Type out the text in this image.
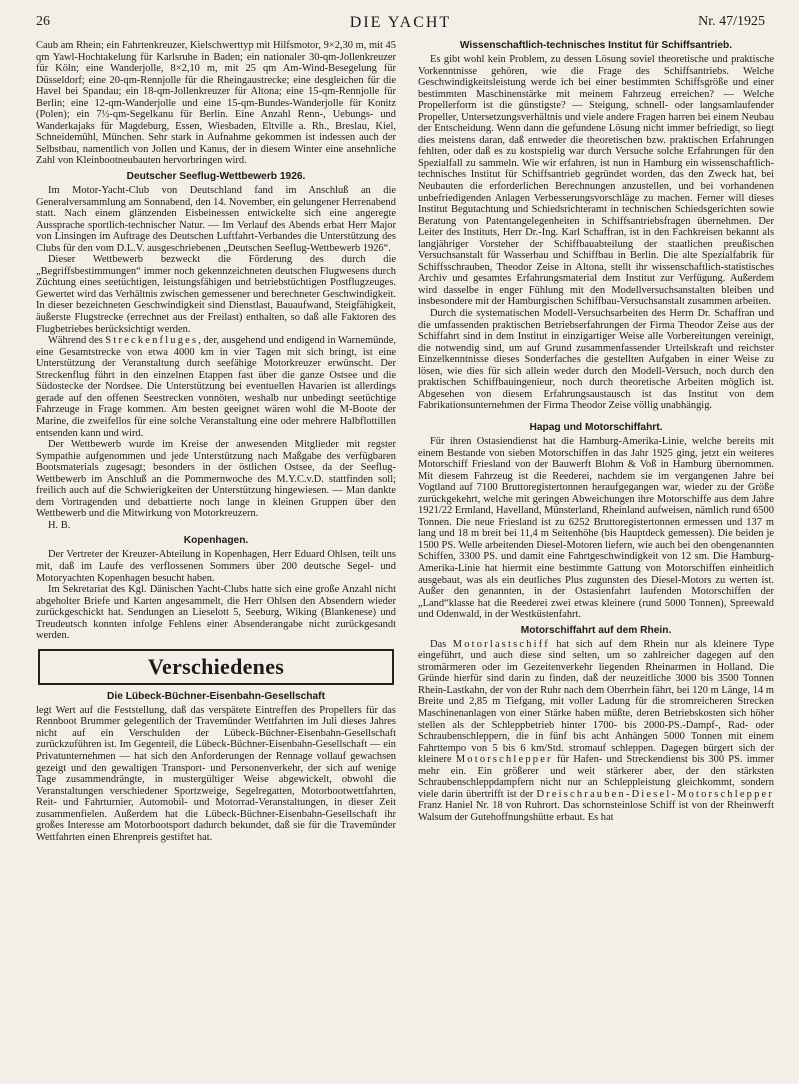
26	DIE YACHT	Nr. 47/1925

Caub am Rhein; ein Fahrtenkreuzer, Kielschwerttyp mit Hilfsmotor, 9×2,30 m, mit 45 qm Yawl-Hochtakelung für Karlsruhe in Baden; ein nationaler 30-qm-Jollenkreuzer für Köln; eine Wanderjolle, 8×2,10 m, mit 25 qm Am-Wind-Besegelung für Düsseldorf; eine 20-qm-Rennjolle für die Rheingaustrecke; eine desgleichen für die Havel bei Spandau; ein 18-qm-Jollenkreuzer für Altona; eine 15-qm-Rennjolle für Berlin; eine 12-qm-Wanderjolle und eine 15-qm-Bundes-Wanderjolle für Konitz (Polen); ein 7½-qm-Segelkanu für Berlin. Eine Anzahl Renn-, Uebungs- und Wanderkajaks für Magdeburg, Essen, Wiesbaden, Eltville a. Rh., Breslau, Kiel, Schneidemühl, München. Sehr stark in Aufnahme gekommen ist indessen auch der Selbstbau, namentlich von Jollen und Kanus, der in diesem Winter eine ansehnliche Zahl von Kleinbootneubauten hervorbringen wird.

Deutscher Seeflug-Wettbewerb 1926.

Im Motor-Yacht-Club von Deutschland fand im Anschluß an die Generalversammlung am Sonnabend, den 14. November, ein gelungener Herrenabend statt. Nach einem glänzenden Eisbeinessen entwickelte sich eine angeregte Aussprache sportlich-technischer Natur. — Im Verlauf des Abends erbat Herr Major von Linsingen im Auftrage des Deutschen Luftfahrt-Verbandes die Unterstützung des Clubs für den vom D.L.V. ausgeschriebenen „Deutschen Seeflug-Wettbewerb 1926“.

Dieser Wettbewerb bezweckt die Förderung des durch die „Begriffsbestimmungen“ immer noch gekennzeichneten deutschen Flugwesens durch Züchtung eines seetüchtigen, leistungsfähigen und betriebstüchtigen Postflugzeuges. Gewertet wird das Verhältnis zwischen gemessener und berechneter Geschwindigkeit. In dieser bezeichneten Geschwindigkeit sind Dienstlast, Bauaufwand, Steigfähigkeit, äußerste Flugstrecke (errechnet aus der Freilast) enthalten, so daß alle Faktoren des Flugbetriebes berücksichtigt werden.

Während des Streckenfluges, der, ausgehend und endigend in Warnemünde, eine Gesamtstrecke von etwa 4000 km in vier Tagen mit sich bringt, ist eine Unterstützung der Veranstaltung durch seefähige Motorkreuzer erwünscht. Der Streckenflug führt in den einzelnen Etappen fast über die ganze Ostsee und die Südostecke der Nordsee. Die Unterstützung bei eventuellen Havarien ist allerdings gerade auf den offenen Seestrecken vonnöten, weshalb nur unbedingt seetüchtige Fahrzeuge in Frage kommen. Am besten geeignet wären wohl die M-Boote der Marine, die zweifellos für eine solche Veranstaltung eine oder mehrere Halbflottillen entsenden kann und wird.

Der Wettbewerb wurde im Kreise der anwesenden Mitglieder mit regster Sympathie aufgenommen und jede Unterstützung nach Maßgabe des verfügbaren Bootsmaterials zugesagt; besonders in der östlichen Ostsee, da der Seeflug-Wettbewerb im Anschluß an die Pommernwoche des M.Y.C.v.D. stattfinden soll; freilich auch auf die Schwierigkeiten der Unterstützung hingewiesen. — Man dankte dem Vortragenden und debattierte noch lange in kleinen Gruppen über den Wettbewerb und die Mitwirkung von Motorkreuzern.

H. B.

Kopenhagen.

Der Vertreter der Kreuzer-Abteilung in Kopenhagen, Herr Eduard Ohlsen, teilt uns mit, daß im Laufe des verflossenen Sommers über 200 deutsche Segel- und Motoryachten Kopenhagen besucht haben.

Im Sekretariat des Kgl. Dänischen Yacht-Clubs hatte sich eine große Anzahl nicht abgeholter Briefe und Karten angesammelt, die Herr Ohlsen den Absendern wieder zurückgeschickt hat. Sendungen an Lieselott 5, Seeburg, Wiking (Blankenese) und Treudeutsch konnten infolge Fehlens einer Absenderangabe nicht zurückgesandt werden.

Verschiedenes
Die Lübeck-Büchner-Eisenbahn-Gesellschaft

legt Wert auf die Feststellung, daß das verspätete Eintreffen des Propellers für das Rennboot Brummer gelegentlich der Travemünder Wettfahrten im Juli dieses Jahres nicht auf ein Verschulden der Lübeck-Büchner-Eisenbahn-Gesellschaft zurückzuführen ist. Im Gegenteil, die Lübeck-Büchner-Eisenbahn-Gesellschaft — ein Privatunternehmen — hat sich den Anforderungen der Rennage vollauf gewachsen gezeigt und den gewaltigen Transport- und Personenverkehr, der sich auf wenige Tage zusammendrängte, in mustergültiger Weise abgewickelt, obwohl die Veranstaltungen verschiedener Sportzweige, Segelregatten, Motorbootwettfahrten, Reit- und Fahrturnier, Automobil- und Motorrad-Veranstaltungen, in dieser Zeit zusammenfielen. Außerdem hat die Lübeck-Büchner-Eisenbahn-Gesellschaft ihr großes Interesse am Motorbootsport dadurch bekundet, daß sie für die Travemünder Wettfahrten einen Ehrenpreis gestiftet hat.

Wissenschaftlich-technisches Institut für Schiffsantrieb.

Es gibt wohl kein Problem, zu dessen Lösung soviel theoretische und praktische Vorkenntnisse gehören, wie die Frage des Schiffsantriebs. Welche Geschwindigkeitsleistung werde ich bei einer bestimmten Schiffsgröße und einer bestimmten Maschinenstärke mit meinem Fahrzeug erreichen? — Welche Propellerform ist die günstigste? — Steigung, schnell- oder langsamlaufender Propeller, Untersetzungsverhältnis und viele andere Fragen harren bei einem Neubau der Entscheidung. Wenn dann die gefundene Lösung nicht immer befriedigt, so liegt dies meistens daran, daß entweder die theoretischen bzw. praktischen Erfahrungen fehlten, oder daß es zu kostspielig war durch Versuche solche Erfahrungen für den Spezialfall zu sammeln. Wie wir erfahren, ist nun in Hamburg ein wissenschaftlich-technisches Institut für Schiffsantrieb gegründet worden, das den Zweck hat, bei Neubauten die erforderlichen Berechnungen anzustellen, und bei vorhandenen unbefriedigenden Anlagen Verbesserungsvorschläge zu machen. Ferner will dieses Institut Begutachtung und Schiedsrichteramt in technischen Schiedsgerichten sowie Beratung von Patentangelegenheiten in Schiffsantriebsfragen übernehmen. Der Leiter des Instituts, Herr Dr.-Ing. Karl Schaffran, ist in den Fachkreisen bekannt als langjähriger Vorsteher der Schiffbauabteilung der staatlichen preußischen Versuchsanstalt für Wasserbau und Schiffbau in Berlin. Die alte Spezialfabrik für Schiffsschrauben, Theodor Zeise in Altona, stellt ihr wissenschaftlich-statistisches Archiv und gesamtes Erfahrungsmaterial dem Institut zur Verfügung. Außerdem wird dasselbe in enger Fühlung mit den Modellversuchsanstalten bleiben und insbesondere mit der Hamburgischen Schiffbau-Versuchsanstalt zusammen arbeiten.

Durch die systematischen Modell-Versuchsarbeiten des Herrn Dr. Schaffran und die umfassenden praktischen Betriebserfahrungen der Firma Theodor Zeise aus der Schiffahrt sind in dem Institut in einzigartiger Weise alle Vorbereitungen vereinigt, die notwendig sind, um auf Grund zusammenfassender Urteilskraft und reichster Einzelkenntnisse dieses Sonderfaches die gestellten Aufgaben in einer Weise zu lösen, wie dies für sich allein weder durch den Modell-Versuch, noch durch den praktischen Schiffbauingenieur, noch durch theoretische Arbeiten möglich ist. Abgesehen von diesem Erfahrungsaustausch ist das Institut von dem Fabrikationsunternehmen der Firma Theodor Zeise völlig unabhängig.

Hapag und Motorschiffahrt.

Für ihren Ostasiendienst hat die Hamburg-Amerika-Linie, welche bereits mit einem Bestande von sieben Motorschiffen in das Jahr 1925 ging, jetzt ein weiteres Motorschiff Friesland von der Bauwerft Blohm & Voß in Hamburg übernommen. Mit diesem Fahrzeug ist die Reederei, nachdem sie im vergangenen Jahre bei Vogtland auf 7100 Bruttoregistertonnen heraufgegangen war, wieder zu der Größe zurückgekehrt, welche mit geringen Abweichungen ihre Motorschiffe aus dem Jahre 1921/22 Ermland, Havelland, Münsterland, Rheinland aufweisen, nämlich rund 6500 Tonnen. Die neue Friesland ist zu 6252 Bruttoregistertonnen ermessen und 137 m lang und 18 m breit bei 11,4 m Seitenhöhe (bis Hauptdeck gemessen). Die beiden je 1500 PS. Welle arbeitenden Diesel-Motoren liefern, wie auch bei den obengenannten Schiffen, 3300 PS. und damit eine Fahrtgeschwindigkeit von 12 sm. Die Hamburg-Amerika-Linie hat hiermit eine bestimmte Gattung von Motorschiffen einheitlich ausgebaut, was als ein deutliches Plus zugunsten des Diesel-Motors zu werten ist. Außer den genannten, in der Ostasienfahrt laufenden Motorschiffen der „Land“klasse hat die Reederei zwei etwas kleinere (rund 5000 Tonnen), Spreewald und Odenwald, in der Westküstenfahrt.

Motorschiffahrt auf dem Rhein.

Das Motorlastschiff hat sich auf dem Rhein nur als kleinere Type eingeführt, und auch diese sind selten, um so zahlreicher dagegen auf den stromärmeren oder im Gezeitenverkehr liegenden Rheinarmen in Holland. Die Gründe hierfür sind darin zu finden, daß der neuzeitliche 3000 bis 3500 Tonnen Rhein-Lastkahn, der von der Ruhr nach dem Oberrhein fährt, bei 120 m Länge, 14 m Breite und 2,85 m Tiefgang, mit voller Ladung für die stromreicheren Strecken Maschinenanlagen von einer Stärke haben müßte, deren Betriebskosten sich höher stellen als der Schleppbetrieb hinter 1700- bis 2000-PS.-Dampf-, Rad- oder Schraubenschleppern, die in fünf bis acht Anhängen 5000 Tonnen mit einem Fahrttempo von 5 bis 6 km/Std. stromauf schleppen. Dagegen bürgert sich der kleinere Motorschlepper für Hafen- und Streckendienst bis 300 PS. immer mehr ein. Ein größerer und weit stärkerer aber, der den stärksten Schraubenschleppdampfern nicht nur an Schleppleistung gleichkommt, sondern viele darin übertrifft ist der Dreischrauben-Diesel-Motorschlepper Franz Haniel Nr. 18 von Ruhrort. Das schornsteinlose Schiff ist von der Rheinwerft Walsum der Gutehoffnungshütte erbaut. Es hat
